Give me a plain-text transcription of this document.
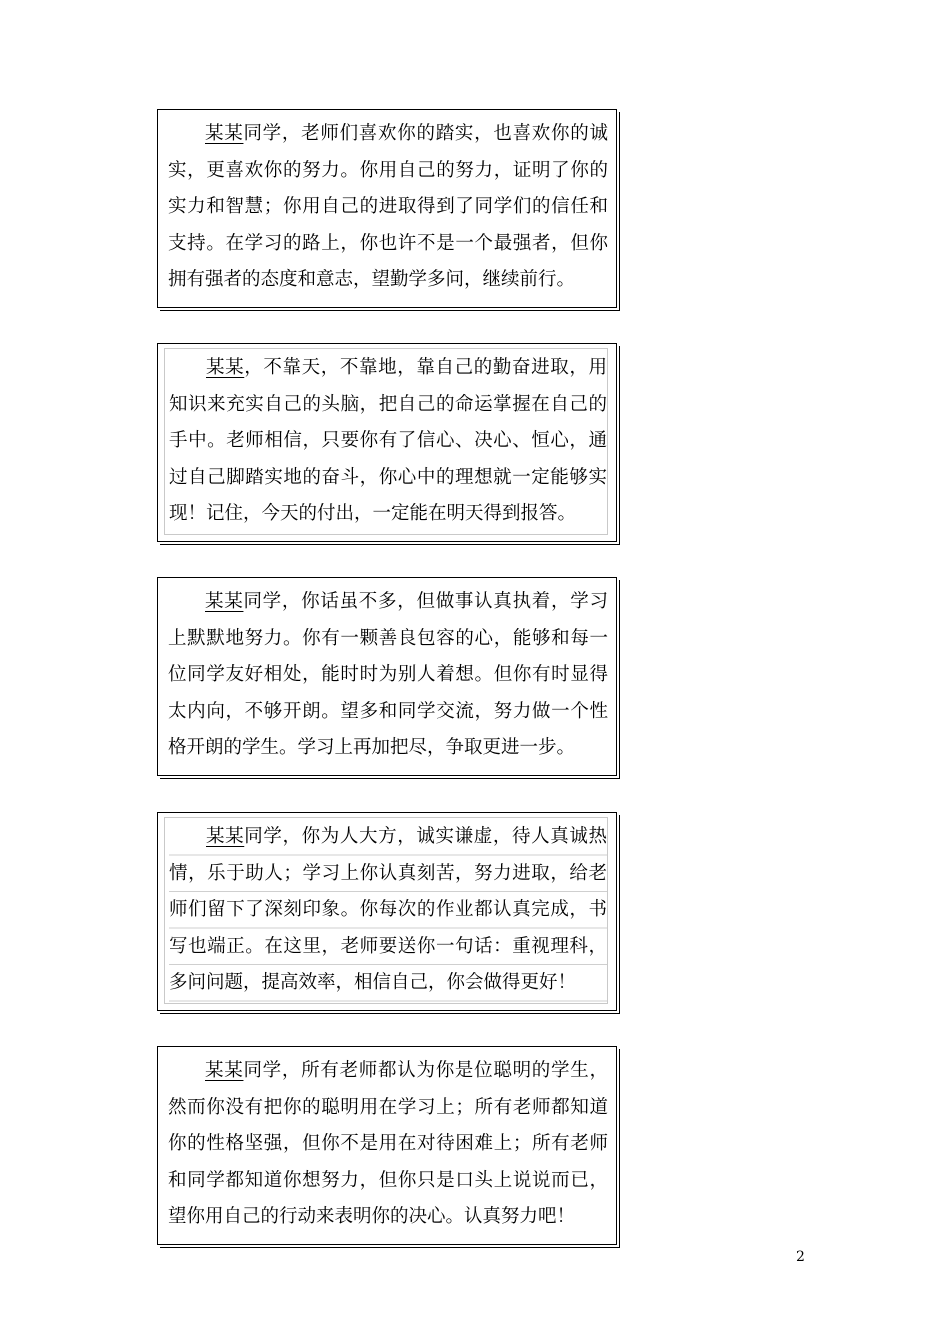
某某同学，老师们喜欢你的踏实，也喜欢你的诚实，更喜欢你的努力。你用自己的努力，证明了你的实力和智慧；你用自己的进取得到了同学们的信任和支持。在学习的路上，你也许不是一个最强者，但你拥有强者的态度和意志，望勤学多问，继续前行。

某某，不靠天，不靠地，靠自己的勤奋进取，用知识来充实自己的头脑，把自己的命运掌握在自己的手中。老师相信，只要你有了信心、决心、恒心，通过自己脚踏实地的奋斗，你心中的理想就一定能够实现！记住，今天的付出，一定能在明天得到报答。

某某同学，你话虽不多，但做事认真执着，学习上默默地努力。你有一颗善良包容的心，能够和每一位同学友好相处，能时时为别人着想。但你有时显得太内向，不够开朗。望多和同学交流，努力做一个性格开朗的学生。学习上再加把尽，争取更进一步。

某某同学，你为人大方，诚实谦虚，待人真诚热情，乐于助人；学习上你认真刻苦，努力进取，给老师们留下了深刻印象。你每次的作业都认真完成，书写也端正。在这里，老师要送你一句话：重视理科，多问问题，提高效率，相信自己，你会做得更好！

某某同学，所有老师都认为你是位聪明的学生，然而你没有把你的聪明用在学习上；所有老师都知道你的性格坚强，但你不是用在对待困难上；所有老师和同学都知道你想努力，但你只是口头上说说而已，望你用自己的行动来表明你的决心。认真努力吧！

2
